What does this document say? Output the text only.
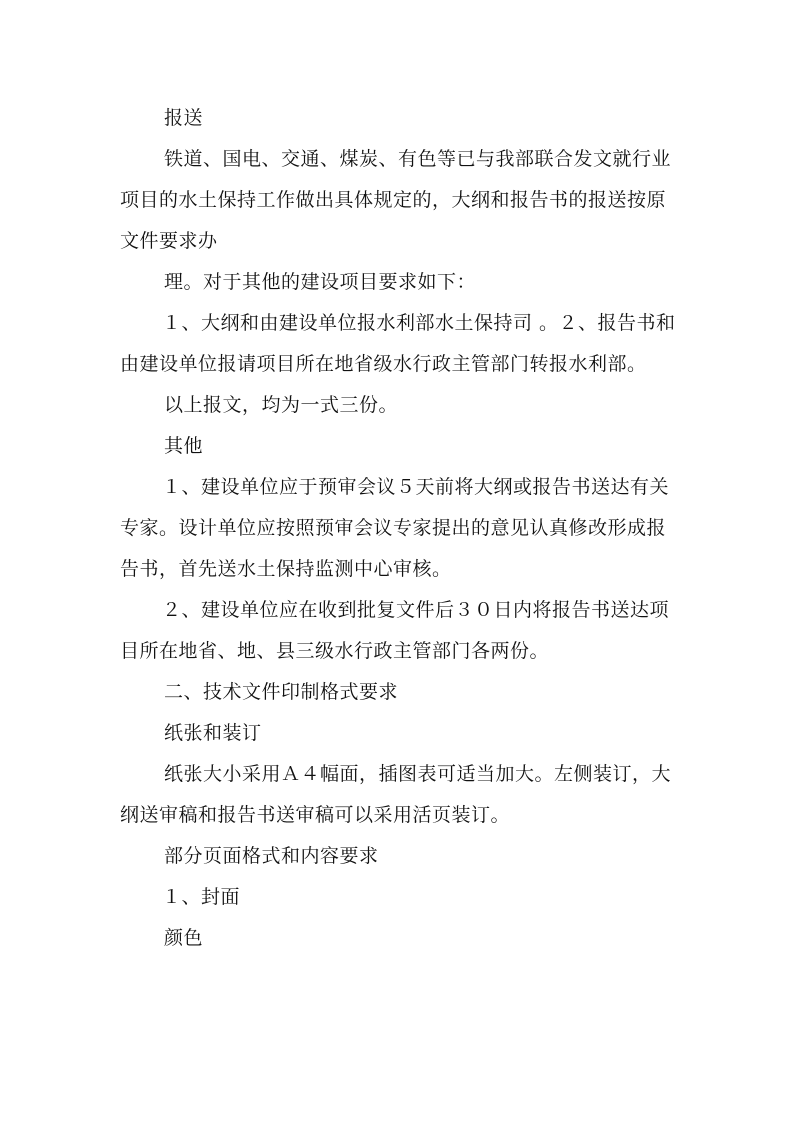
报送

铁道、国电、交通、煤炭、有色等已与我部联合发文就行业项目的水土保持工作做出具体规定的，大纲和报告书的报送按原文件要求办

理。对于其他的建设项目要求如下：

１、大纲和由建设单位报水利部水土保持司 。２、报告书和由建设单位报请项目所在地省级水行政主管部门转报水利部。

以上报文，均为一式三份。

其他

１、建设单位应于预审会议５天前将大纲或报告书送达有关专家。设计单位应按照预审会议专家提出的意见认真修改形成报告书，首先送水土保持监测中心审核。

２、建设单位应在收到批复文件后３０日内将报告书送达项目所在地省、地、县三级水行政主管部门各两份。

二、技术文件印制格式要求

纸张和装订

纸张大小采用Ａ４幅面，插图表可适当加大。左侧装订，大纲送审稿和报告书送审稿可以采用活页装订。

部分页面格式和内容要求

１、封面

颜色
